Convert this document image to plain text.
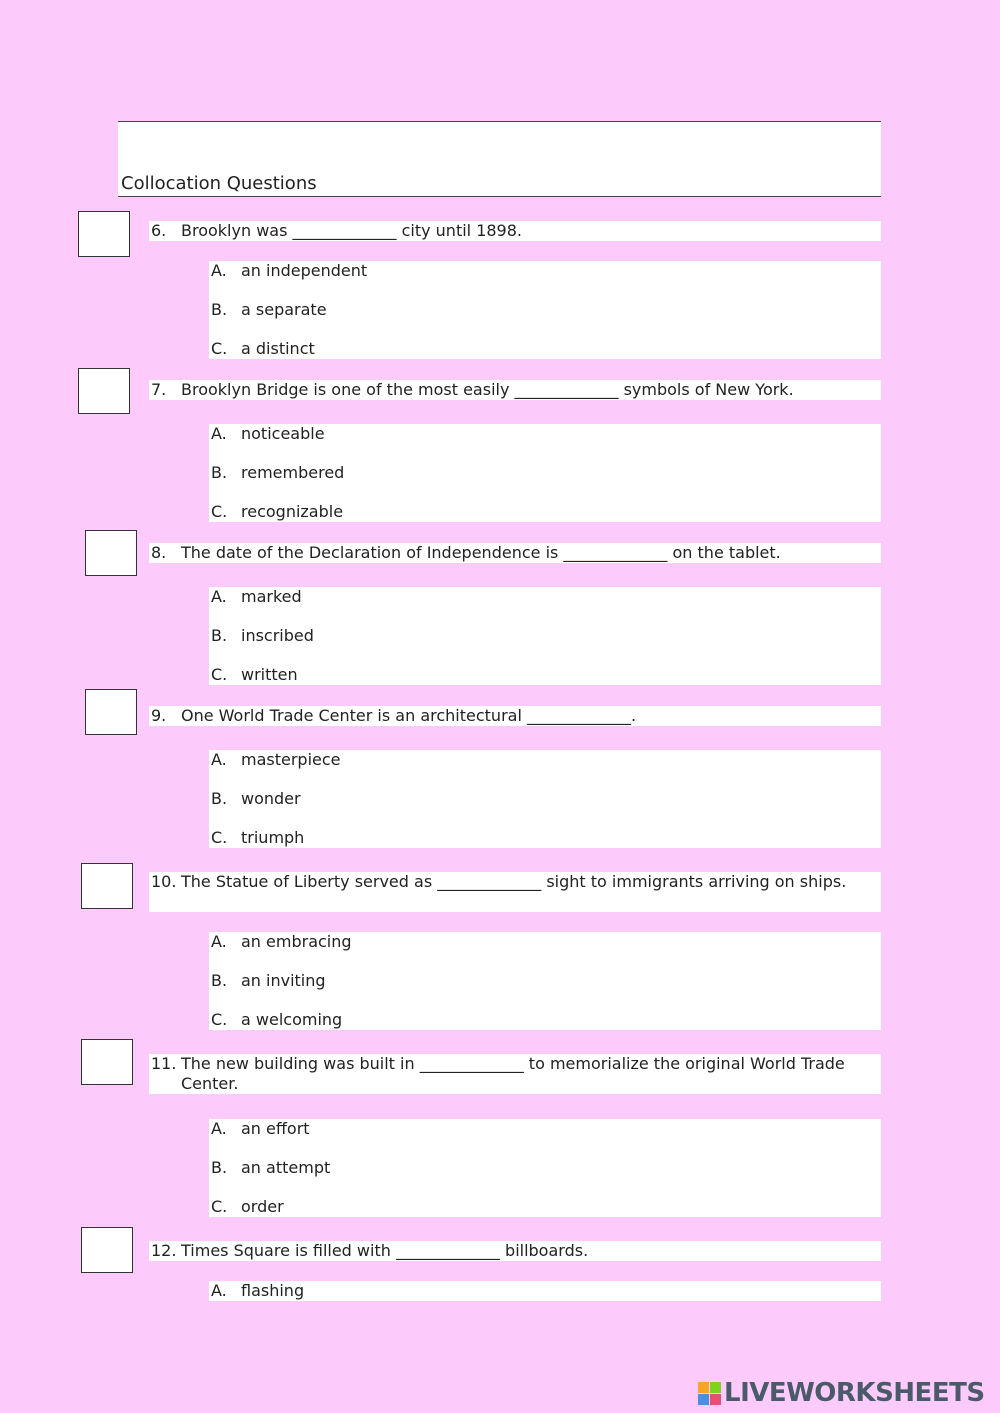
Collocation Questions
6. Brooklyn was _____________ city until 1898.
A. an independent
B. a separate
C. a distinct
7. Brooklyn Bridge is one of the most easily _____________ symbols of New York.
A. noticeable
B. remembered
C. recognizable
8. The date of the Declaration of Independence is _____________ on the tablet.
A. marked
B. inscribed
C. written
9. One World Trade Center is an architectural _____________.
A. masterpiece
B. wonder
C. triumph
10. The Statue of Liberty served as _____________ sight to immigrants arriving on ships.
A. an embracing
B. an inviting
C. a welcoming
11. The new building was built in _____________ to memorialize the original World Trade Center.
A. an effort
B. an attempt
C. order
12. Times Square is filled with _____________ billboards.
A. flashing
LIVEWORKSHEETS
